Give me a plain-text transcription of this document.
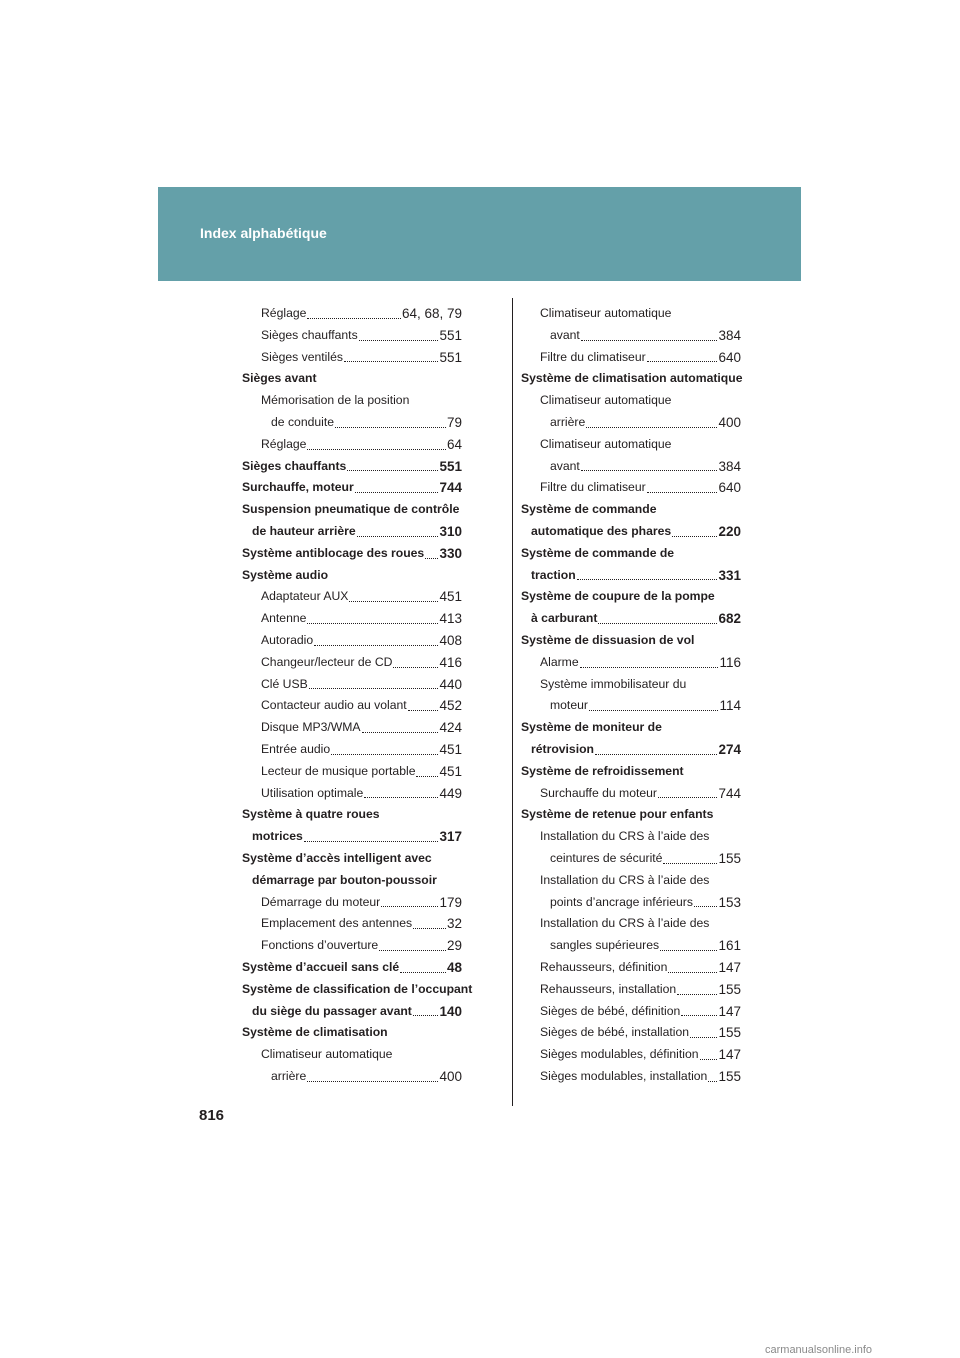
Index alphabétique
Réglage	64, 68, 79
Sièges chauffants	551
Sièges ventilés	551
Sièges avant
Mémorisation de la position
de conduite	79
Réglage	64
Sièges chauffants	551
Surchauffe, moteur	744
Suspension pneumatique de contrôle
de hauteur arrière	310
Système antiblocage des roues 330
Système audio
Adaptateur AUX	451
Antenne	413
Autoradio	408
Changeur/lecteur de CD	416
Clé USB	440
Contacteur audio au volant 452
Disque MP3/WMA	424
Entrée audio	451
Lecteur de musique portable 451
Utilisation optimale	449
Système à quatre roues
motrices	317
Système d’accès intelligent avec
démarrage par bouton-poussoir
Démarrage du moteur	179
Emplacement des antennes	32
Fonctions d’ouverture	29
Système d’accueil sans clé	48
Système de classification de l’occupant
du siège du passager avant 140
Système de climatisation
Climatiseur automatique
arrière	400
Climatiseur automatique
avant	384
Filtre du climatiseur	640
Système de climatisation automatique
Climatiseur automatique
arrière	400
Climatiseur automatique
avant	384
Filtre du climatiseur	640
Système de commande
automatique des phares	220
Système de commande de
traction	331
Système de coupure de la pompe
à carburant	682
Système de dissuasion de vol
Alarme	116
Système immobilisateur du
moteur	114
Système de moniteur de
rétrovision	274
Système de refroidissement
Surchauffe du moteur	744
Système de retenue pour enfants
Installation du CRS à l’aide des
ceintures de sécurité	155
Installation du CRS à l’aide des
points d’ancrage inférieurs 153
Installation du CRS à l’aide des
sangles supérieures	161
Rehausseurs, définition	147
Rehausseurs, installation	155
Sièges de bébé, définition	147
Sièges de bébé, installation 155
Sièges modulables, définition 147
Sièges modulables, installation 155
816
carmanualsonline.info
